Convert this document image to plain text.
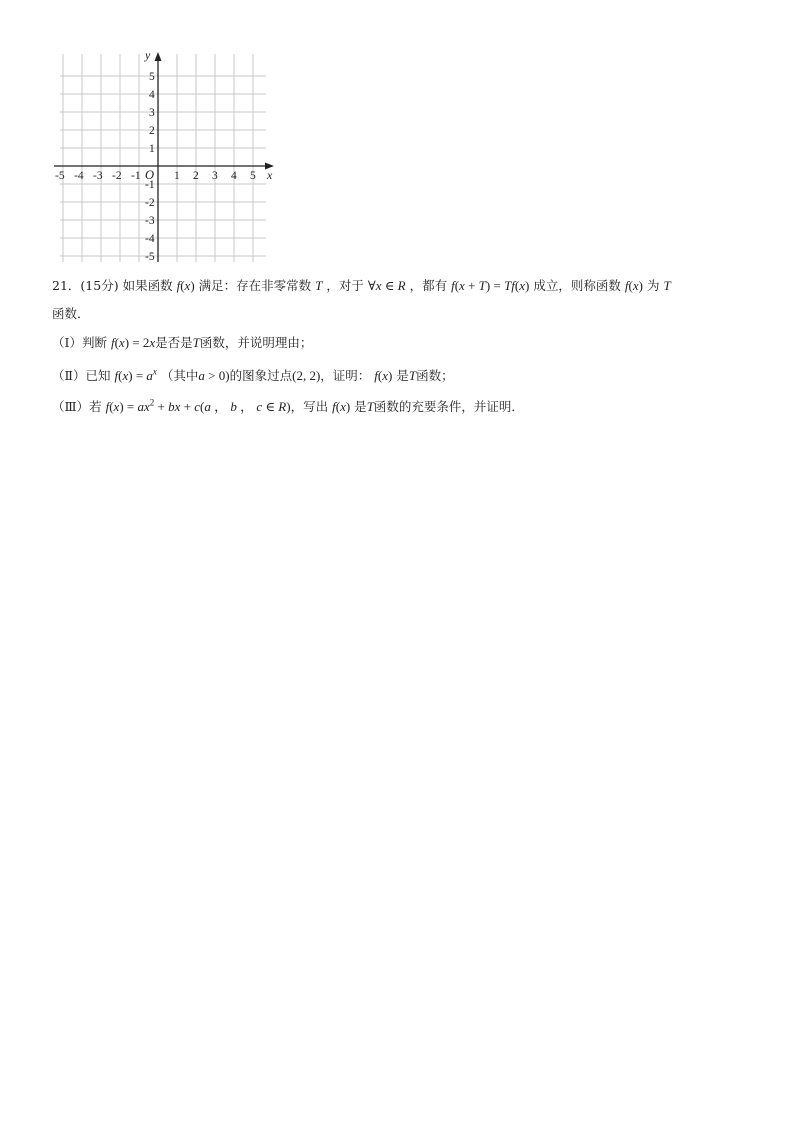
x
y
O
-5 -4 -3 -2 -1	1 2 3 4 5
5
4
3
2
1
-1
-2
-3
-4
-5
21．(15分) 如果函数 f(x) 满足：存在非零常数 T ，对于 ∀x ∈ R ，都有 f(x + T) = Tf(x) 成立，则称函数 f(x) 为 T
函数．
（Ⅰ）判断 f(x) = 2x是否是T函数，并说明理由；
（Ⅱ）已知 $f(x) = a^x$ （其中a > 0)的图象过点(2, 2)，证明： f(x) 是T函数；
（Ⅲ）若 $f(x) = ax^2$ + bx + c(a ， b ， c ∈ R)，写出 f(x) 是T函数的充要条件，并证明．
